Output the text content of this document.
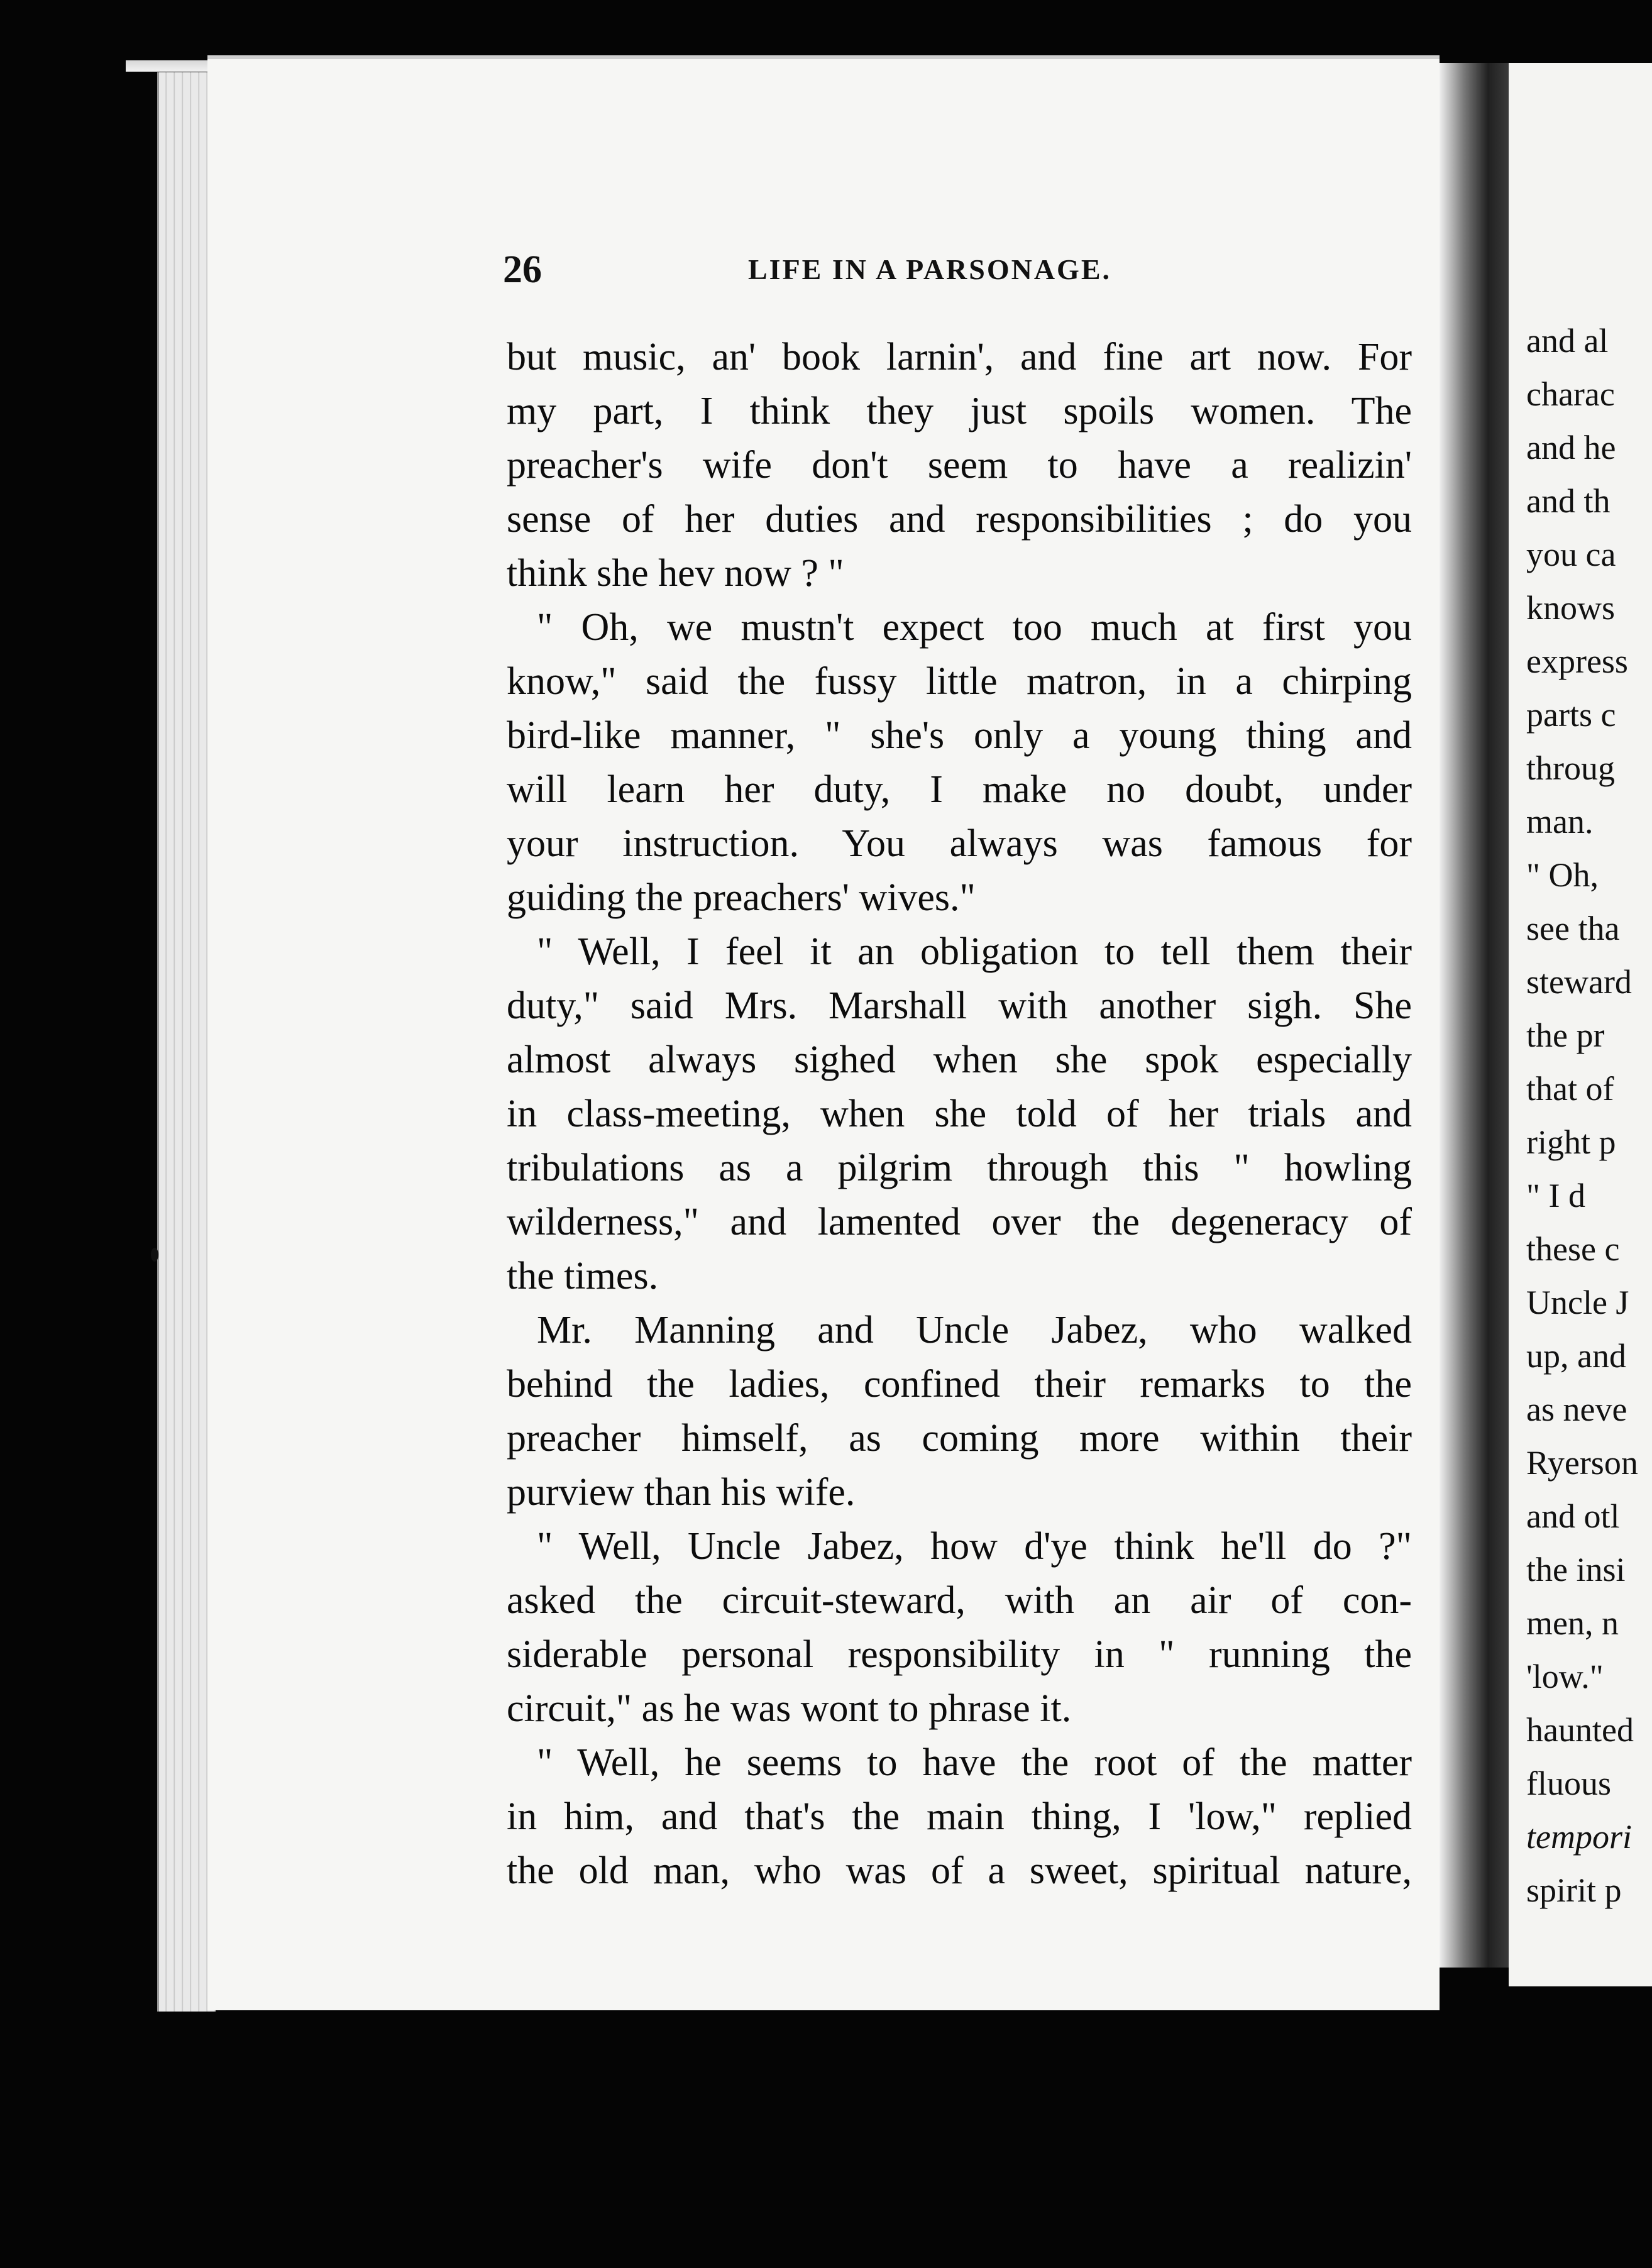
and al
charac
and he
and th
you ca
knows
express
parts c
throug
man.
" Oh,
see tha
steward
the pr
that of
right p
" I d
these c
Uncle J
up, and
as neve
Ryerson
and otl
the insi
men, n
'low."
haunted
fluous
tempori
spirit p
26	LIFE IN A PARSONAGE.
but music, an' book larnin', and fine art now. For
my part, I think they just spoils women. The
preacher's wife don't seem to have a realizin'
sense of her duties and responsibilities ; do you
think she hev now ? "
" Oh, we mustn't expect too much at first you
know," said the fussy little matron, in a chirping
bird-like manner, " she's only a young thing and
will learn her duty, I make no doubt, under
your instruction. You always was famous for
guiding the preachers' wives."
" Well, I feel it an obligation to tell them their
duty," said Mrs. Marshall with another sigh. She
almost always sighed when she spok especially
in class-meeting, when she told of her trials and
tribulations as a pilgrim through this " howling
wilderness," and lamented over the degeneracy of
the times.
Mr. Manning and Uncle Jabez, who walked
behind the ladies, confined their remarks to the
preacher himself, as coming more within their
purview than his wife.
" Well, Uncle Jabez, how d'ye think he'll do ?"
asked the circuit-steward, with an air of con-
siderable personal responsibility in " running the
circuit," as he was wont to phrase it.
" Well, he seems to have the root of the matter
in him, and that's the main thing, I 'low," replied
the old man, who was of a sweet, spiritual nature,
